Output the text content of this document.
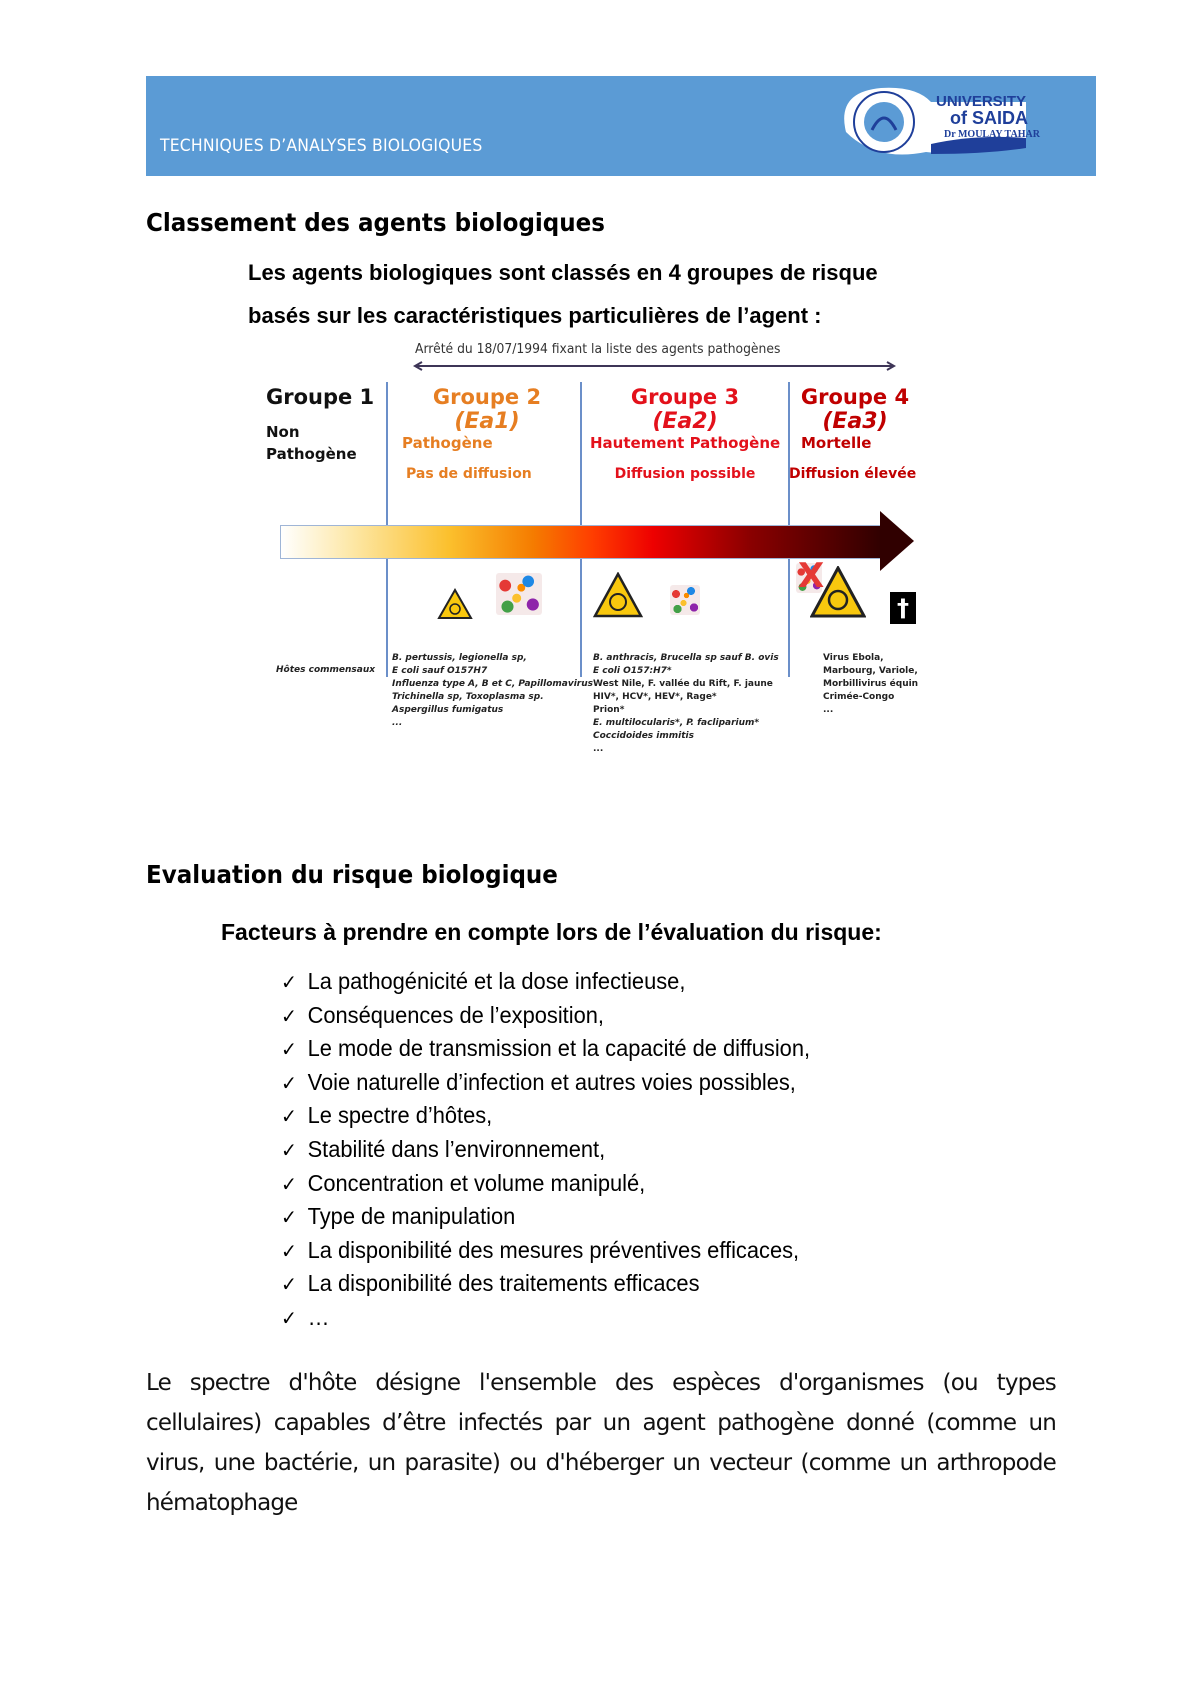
TECHNIQUES D’ANALYSES BIOLOGIQUES
UNIVERSITY
of SAIDA
Dr MOULAY TAHAR
Classement des agents biologiques
Les agents biologiques sont classés en 4 groupes de risque
basés sur les caractéristiques particulières de l’agent :
Arrêté du 18/07/1994 fixant la liste des agents pathogènes
Groupe 1
Non
Pathogène
Groupe 2
(Ea1)
Pathogène
Pas de diffusion
Groupe 3
(Ea2)
Hautement Pathogène
Diffusion possible
Groupe 4
(Ea3)
Mortelle
Diffusion élevée
X
†
Hôtes commensaux
B. pertussis, legionella sp,
E coli sauf O157H7
Influenza type A, B et C, Papillomavirus
Trichinella sp, Toxoplasma sp.
Aspergillus fumigatus
...
B. anthracis, Brucella sp sauf B. ovis
E coli O157:H7*
West Nile, F. vallée du Rift, F. jaune
HIV*, HCV*, HEV*, Rage*
Prion*
E. multilocularis*, P. facliparium*
Coccidoides immitis
...
Virus Ebola,
Marbourg, Variole,
Morbillivirus équin
Crimée-Congo
...
Evaluation du risque biologique
Facteurs à prendre en compte lors de l’évaluation du risque:
✓ La pathogénicité et la dose infectieuse,
✓ Conséquences de l’exposition,
✓ Le mode de transmission et la capacité de diffusion,
✓ Voie naturelle d’infection et autres voies possibles,
✓ Le spectre d’hôtes,
✓ Stabilité dans l’environnement,
✓ Concentration et volume manipulé,
✓ Type de manipulation
✓ La disponibilité des mesures préventives efficaces,
✓ La disponibilité des traitements efficaces
✓ …

Le spectre d'hôte désigne l'ensemble des espèces d'organismes (ou types cellulaires) capables d’être infectés par un agent pathogène donné (comme un virus, une bactérie, un parasite) ou d'héberger un vecteur (comme un arthropode hématophage
